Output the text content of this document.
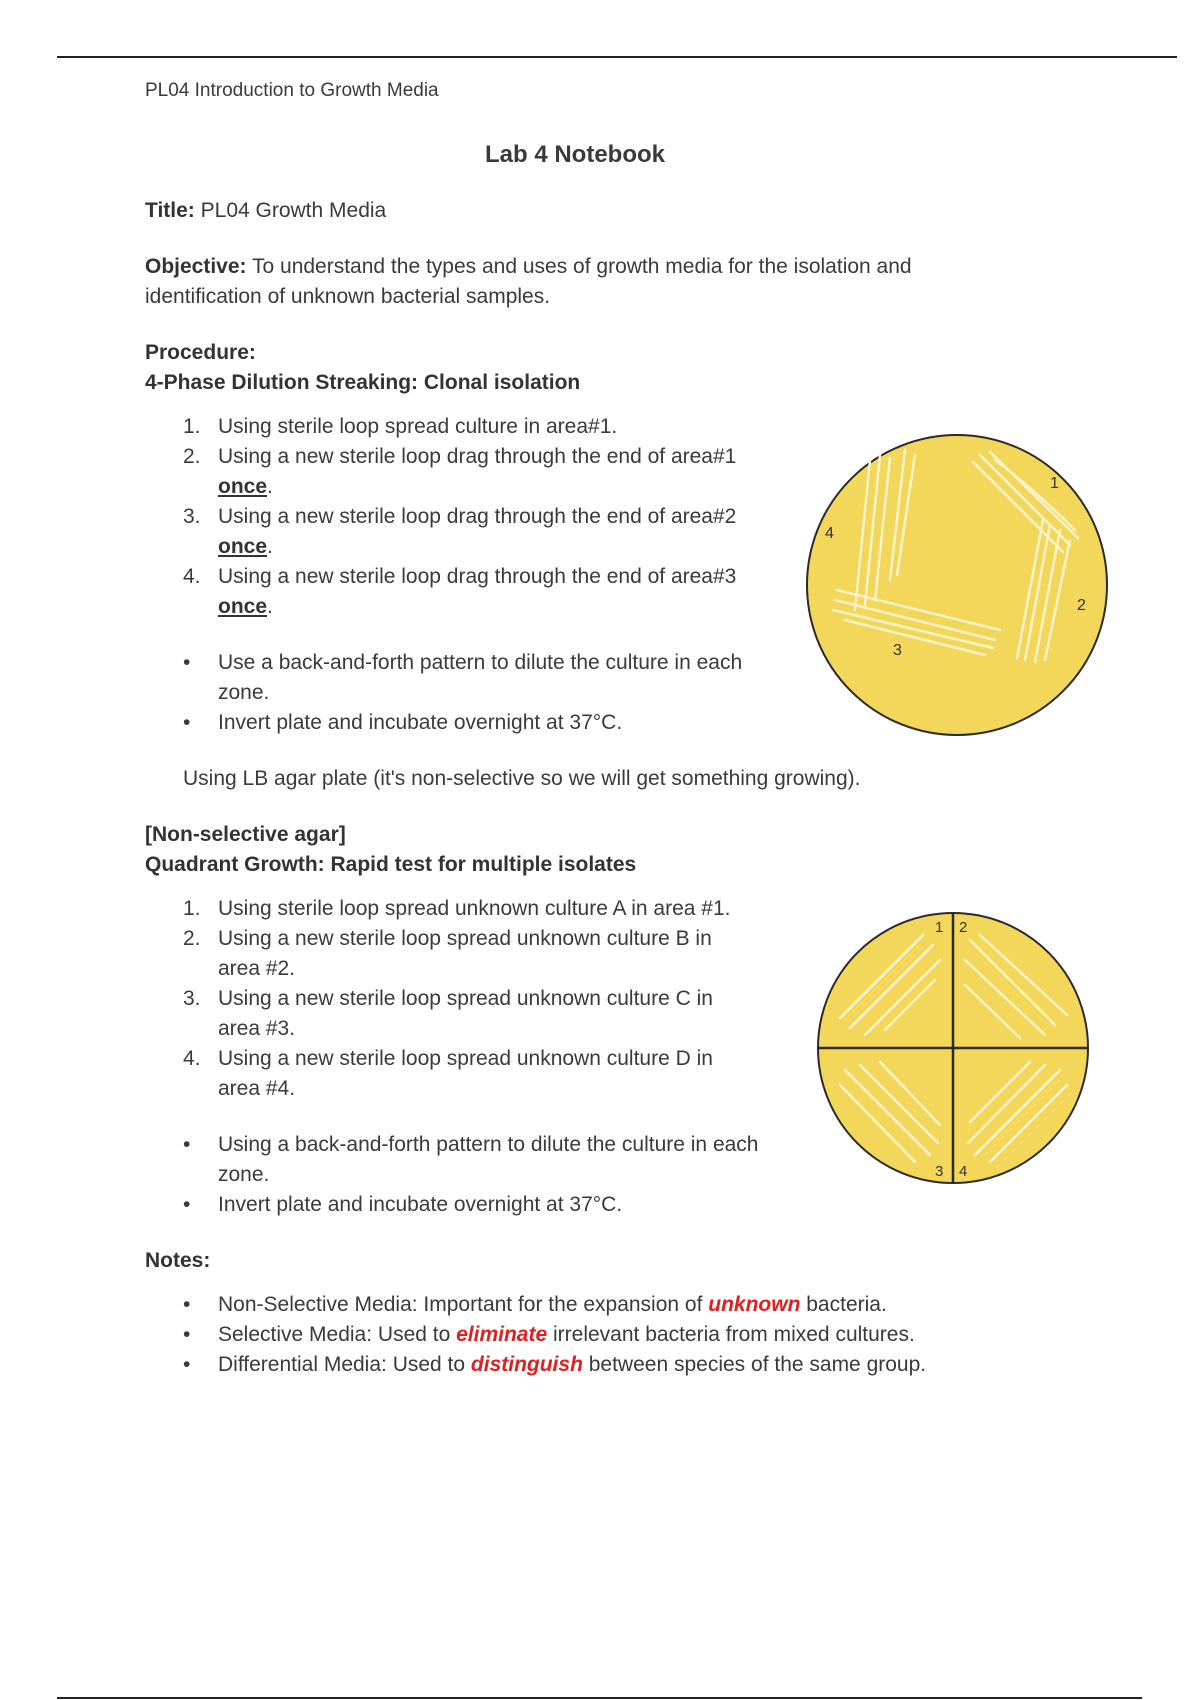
PL04 Introduction to Growth Media

Lab 4 Notebook

Title: PL04 Growth Media

Objective: To understand the types and uses of growth media for the isolation and identification of unknown bacterial samples.

Procedure:

4-Phase Dilution Streaking: Clonal isolation

1. Using sterile loop spread culture in area#1.
2. Using a new sterile loop drag through the end of area#1 once.
3. Using a new sterile loop drag through the end of area#2 once.
4. Using a new sterile loop drag through the end of area#3 once.
• Use a back-and-forth pattern to dilute the culture in each zone.
• Invert plate and incubate overnight at 37°C.

Using LB agar plate (it's non-selective so we will get something growing).

[Non-selective agar]

Quadrant Growth: Rapid test for multiple isolates

1. Using sterile loop spread unknown culture A in area #1.
2. Using a new sterile loop spread unknown culture B in area #2.
3. Using a new sterile loop spread unknown culture C in area #3.
4. Using a new sterile loop spread unknown culture D in area #4.
• Using a back-and-forth pattern to dilute the culture in each zone.
• Invert plate and incubate overnight at 37°C.

Notes:

• Non-Selective Media: Important for the expansion of unknown bacteria.
• Selective Media: Used to eliminate irrelevant bacteria from mixed cultures.
• Differential Media: Used to distinguish between species of the same group.
1
2
3
4
1 2
3 4
